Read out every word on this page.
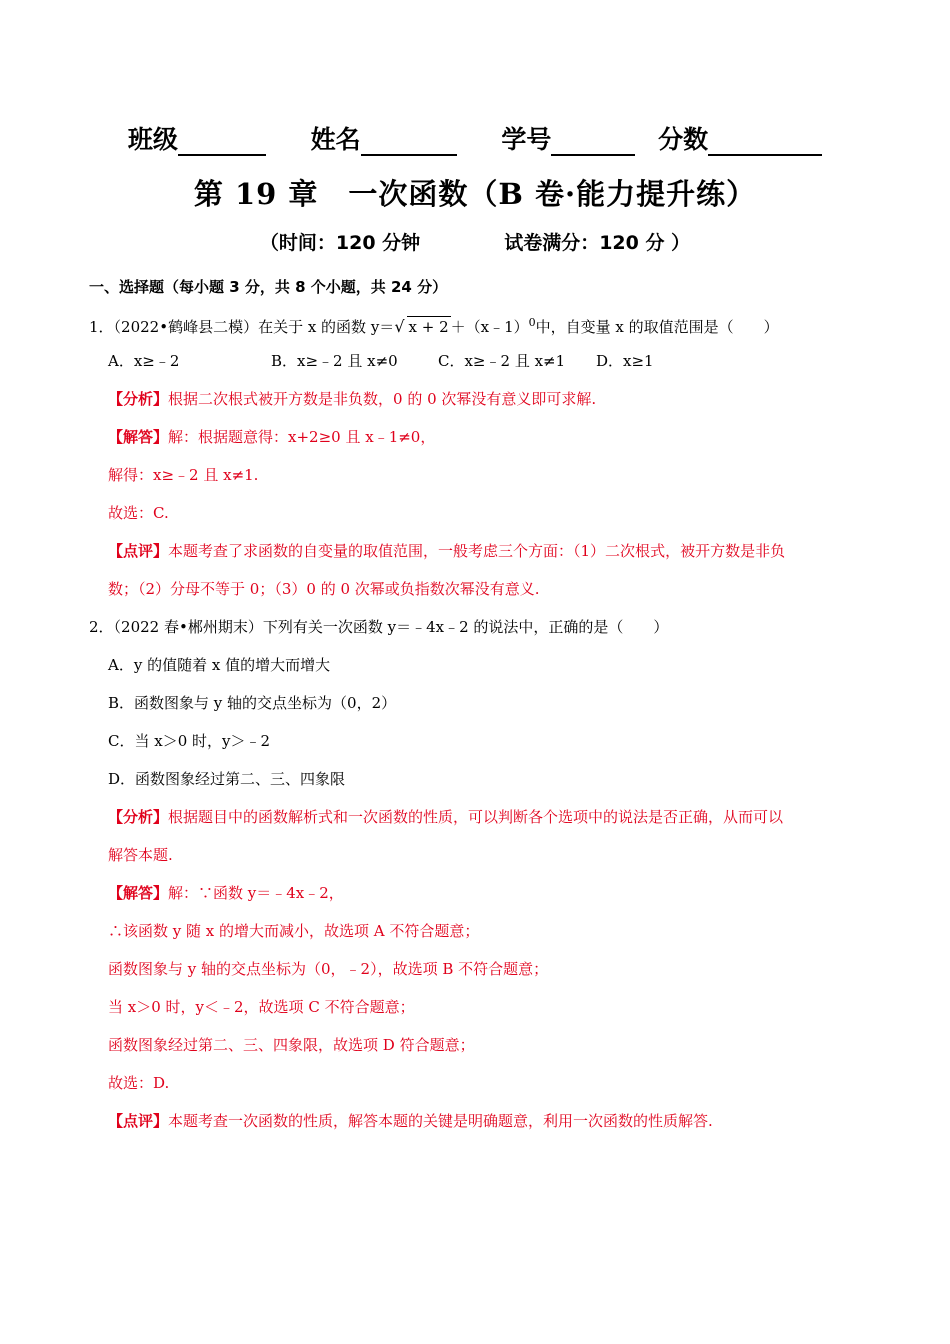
班级	姓名	学号	分数
第 19 章　一次函数（B 卷·能力提升练）
（时间：120 分钟	试卷满分：120 分 ）
一、选择题（每小题 3 分，共 8 个小题，共 24 分）
1．（2022•鹤峰县二模）在关于 x 的函数 y＝√ x + 2 ＋（x﹣1）$^0$中，自变量 x 的取值范围是（　　）
A．x≥﹣2	B．x≥﹣2 且 x≠0	C．x≥﹣2 且 x≠1 D．x≥1
【分析】根据二次根式被开方数是非负数，0 的 0 次幂没有意义即可求解.
【解答】解：根据题意得：x+2≥0 且 x﹣1≠0，
解得：x≥﹣2 且 x≠1.
故选：C.
【点评】本题考查了求函数的自变量的取值范围，一般考虑三个方面：（1）二次根式，被开方数是非负
数；（2）分母不等于 0；（3）0 的 0 次幂或负指数次幂没有意义.
2．（2022 春•郴州期末）下列有关一次函数 y＝﹣4x﹣2 的说法中，正确的是（　　）
A．y 的值随着 x 值的增大而增大
B．函数图象与 y 轴的交点坐标为（0，2）
C．当 x＞0 时，y＞﹣2
D．函数图象经过第二、三、四象限
【分析】根据题目中的函数解析式和一次函数的性质，可以判断各个选项中的说法是否正确，从而可以
解答本题.
【解答】解：∵函数 y＝﹣4x﹣2，
∴该函数 y 随 x 的增大而减小，故选项 A 不符合题意；
函数图象与 y 轴的交点坐标为（0，﹣2），故选项 B 不符合题意；
当 x＞0 时，y＜﹣2，故选项 C 不符合题意；
函数图象经过第二、三、四象限，故选项 D 符合题意；
故选：D.
【点评】本题考查一次函数的性质，解答本题的关键是明确题意，利用一次函数的性质解答.
